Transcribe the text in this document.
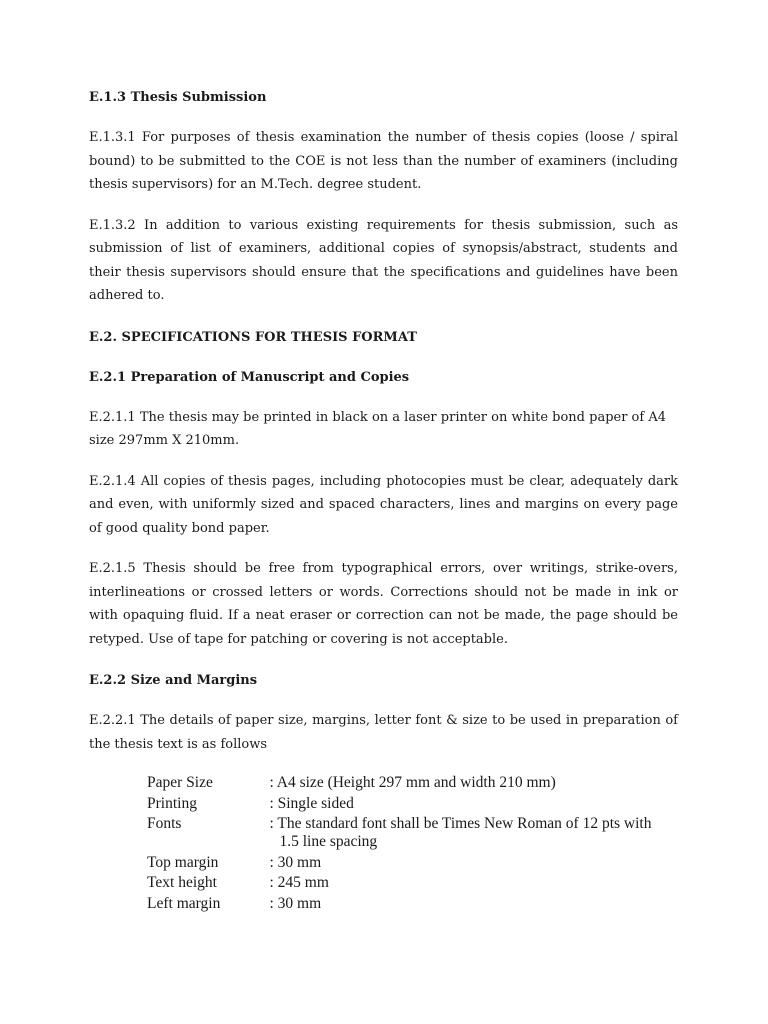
E.1.3 Thesis Submission

E.1.3.1 For purposes of thesis examination the number of thesis copies (loose / spiral bound) to be submitted to the COE is not less than the number of examiners (including thesis supervisors) for an M.Tech. degree student.

E.1.3.2 In addition to various existing requirements for thesis submission, such as submission of list of examiners, additional copies of synopsis/abstract, students and their thesis supervisors should ensure that the specifications and guidelines have been adhered to.

E.2. SPECIFICATIONS FOR THESIS FORMAT
E.2.1 Preparation of Manuscript and Copies

E.2.1.1 The thesis may be printed in black on a laser printer on white bond paper of A4 size 297mm X 210mm.

E.2.1.4 All copies of thesis pages, including photocopies must be clear, adequately dark and even, with uniformly sized and spaced characters, lines and margins on every page of good quality bond paper.

E.2.1.5 Thesis should be free from typographical errors, over writings, strike-overs, interlineations or crossed letters or words. Corrections should not be made in ink or with opaquing fluid. If a neat eraser or correction can not be made, the page should be retyped. Use of tape for patching or covering is not acceptable.

E.2.2 Size and Margins

E.2.2.1 The details of paper size, margins, letter font & size to be used in preparation of the thesis text is as follows

Paper Size	: A4 size (Height 297 mm and width 210 mm)
Printing	: Single sided
Fonts	: The standard font shall be Times New Roman of 12 pts with
1.5 line spacing

Top margin	: 30 mm
Text height	: 245 mm
Left margin	: 30 mm
